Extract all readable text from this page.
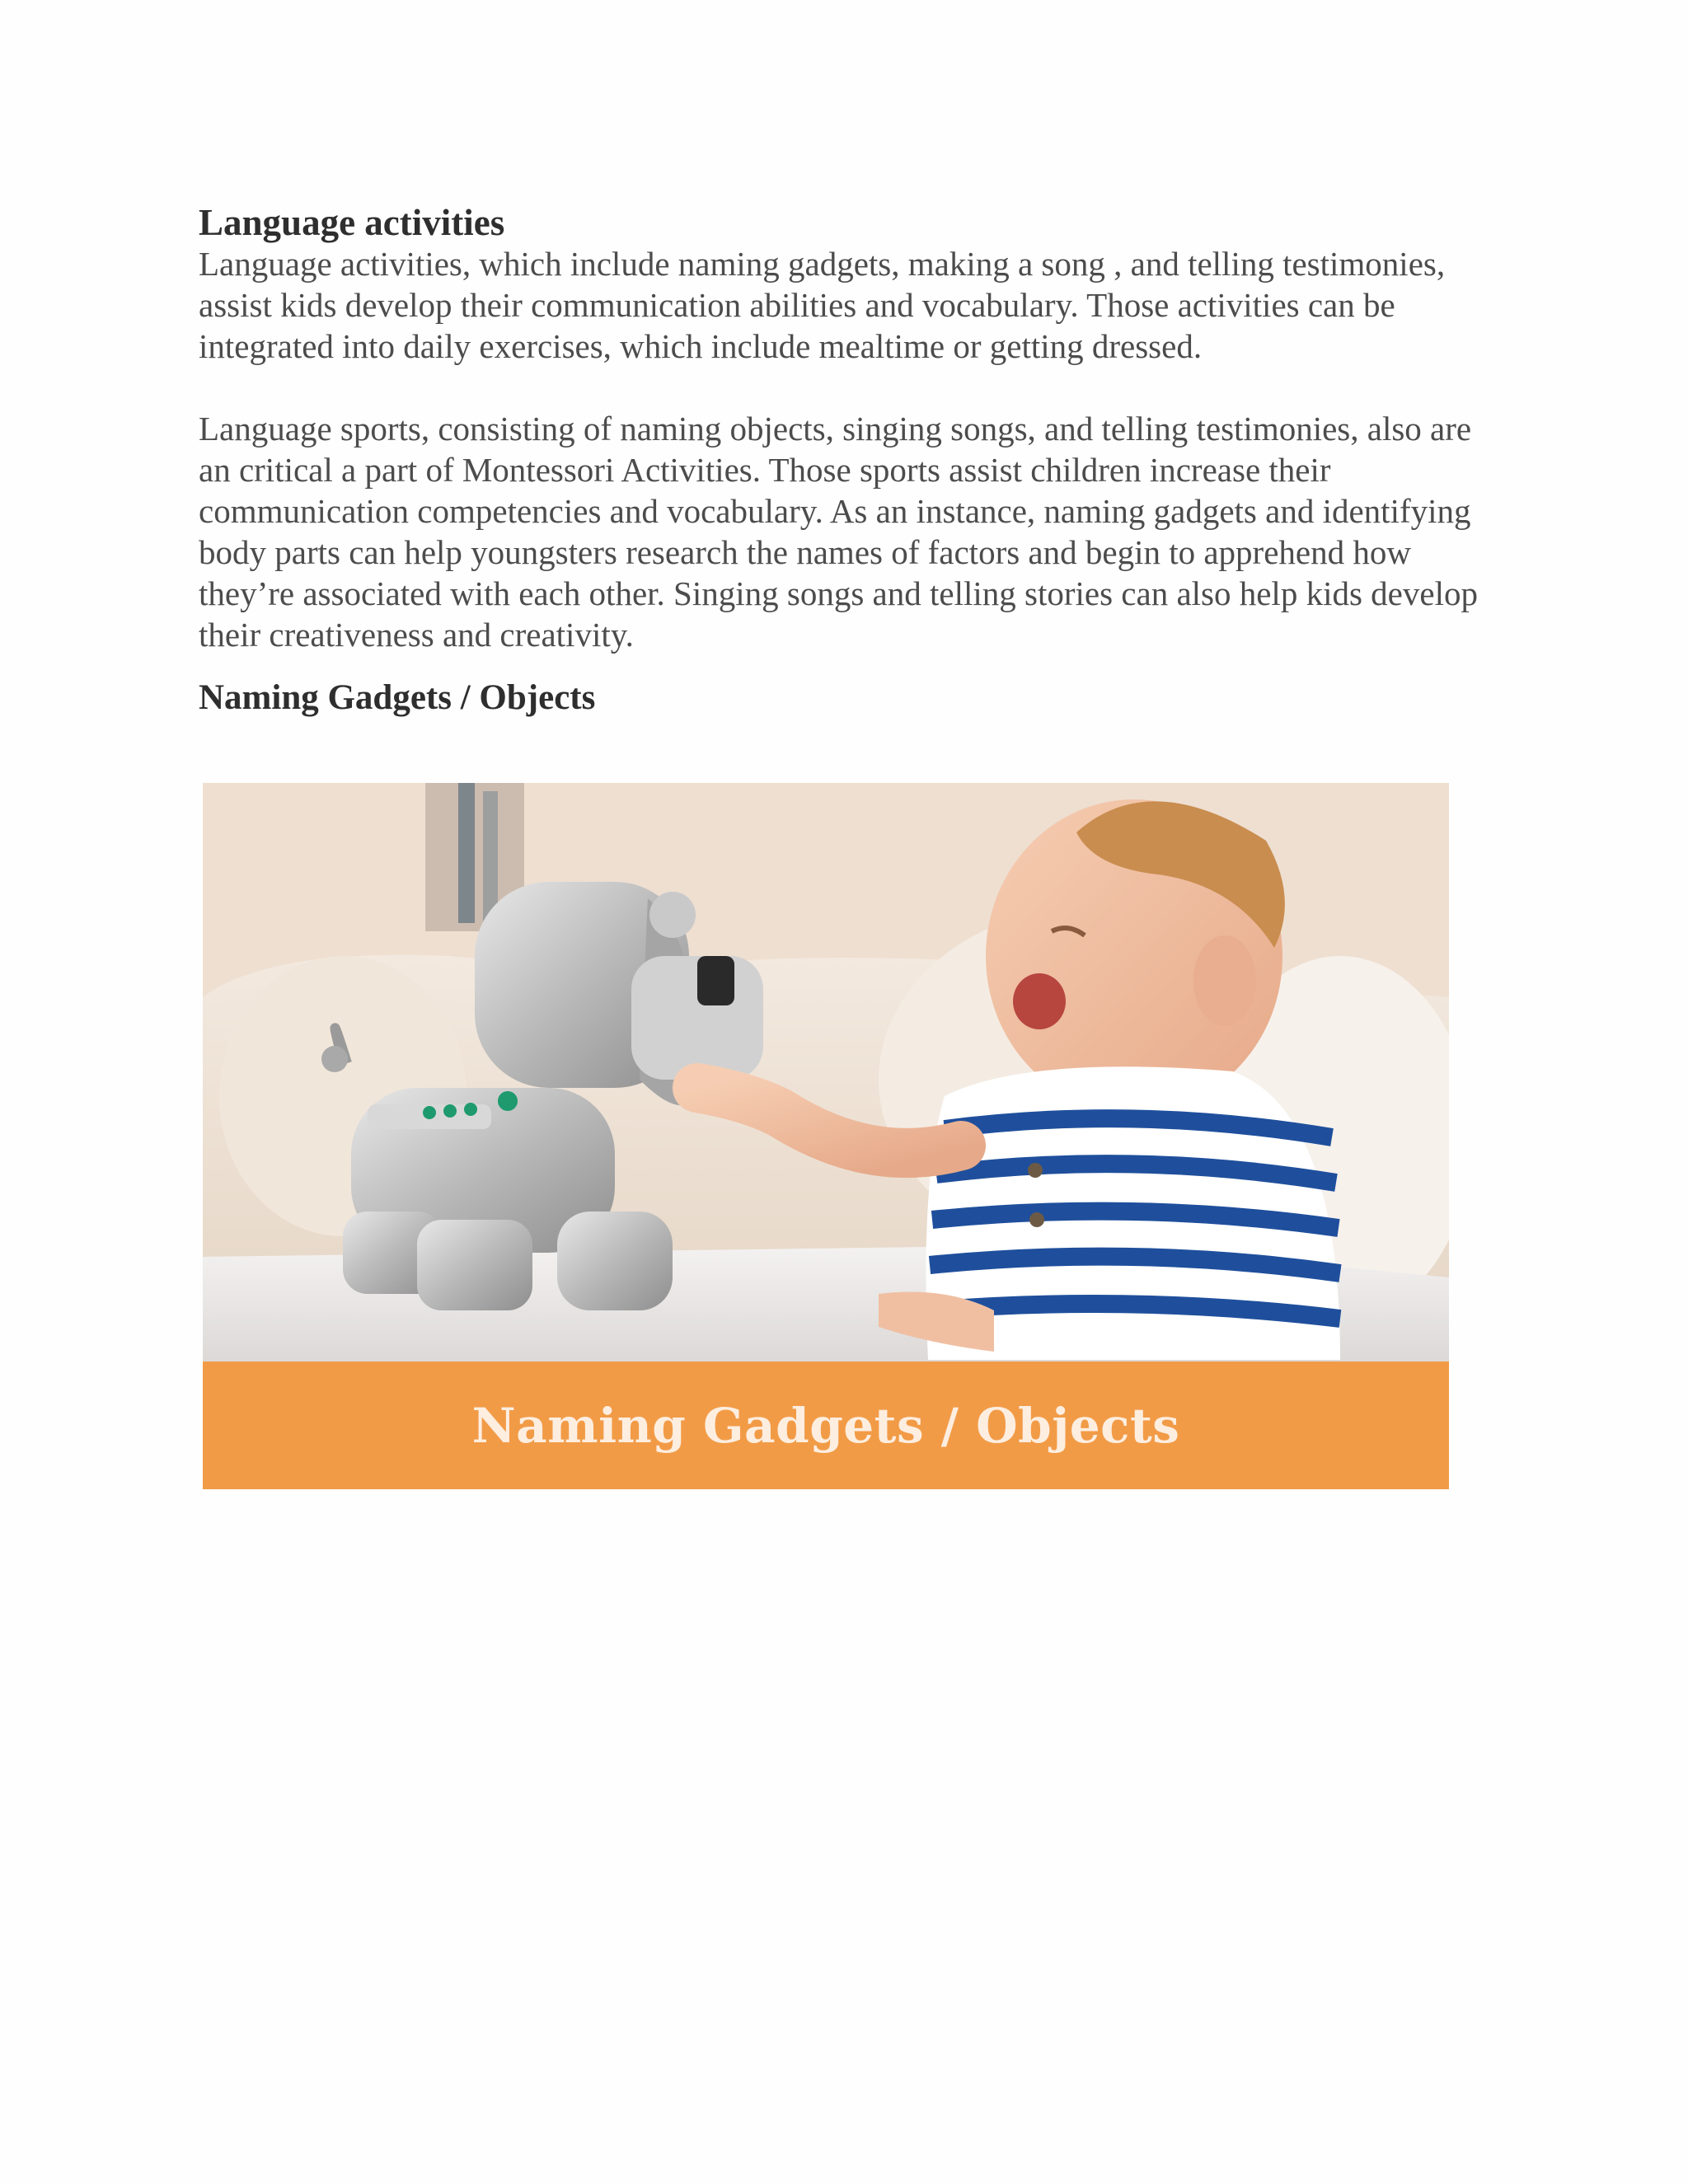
Language activities

Language activities, which include naming gadgets, making a song , and telling testimonies, assist kids develop their communication abilities and vocabulary. Those activities can be integrated into daily exercises, which include mealtime or getting dressed.

Language sports, consisting of naming objects, singing songs, and telling testimonies, also are an critical a part of Montessori Activities. Those sports assist children increase their communication competencies and vocabulary. As an instance, naming gadgets and identifying body parts can help youngsters research the names of factors and begin to apprehend how they’re associated with each other. Singing songs and telling stories can also help kids develop their creativeness and creativity.

Naming Gadgets / Objects
Naming Gadgets / Objects
